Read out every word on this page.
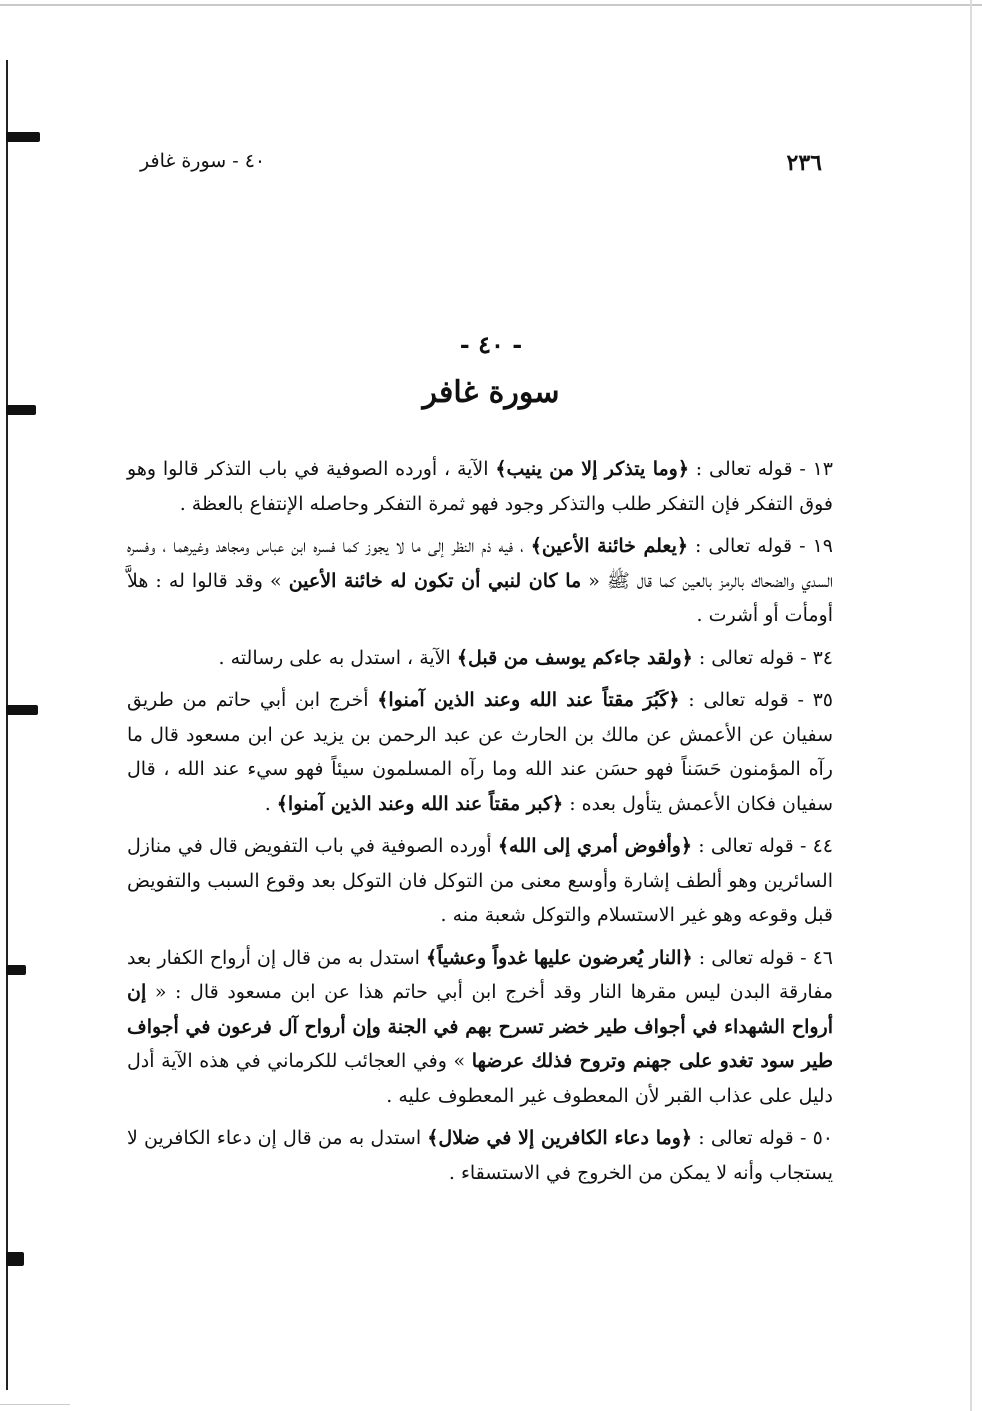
٢٣٦
٤٠ - سورة غافر
- ٤٠ -
سورة غافر

١٣ - قوله تعالى : ﴿وما يتذكر إلا من ينيب﴾ الآية ، أورده الصوفية في باب التذكر قالوا وهو فوق التفكر فإن التفكر طلب والتذكر وجود فهو ثمرة التفكر وحاصله الإنتفاع بالعظة .

١٩ - قوله تعالى : ﴿يعلم خائنة الأعين﴾ ، فيه ذم النظر إلى ما لا يجوز كما فسره ابن عباس ومجاهد وغيرهما ، وفسره السدي والضحاك بالرمز بالعين كما قال ﷺ « ما كان لنبي أن تكون له خائنة الأعين » وقد قالوا له : هلاَّ أومأت أو أشرت .

٣٤ - قوله تعالى : ﴿ولقد جاءكم يوسف من قبل﴾ الآية ، استدل به على رسالته .

٣٥ - قوله تعالى : ﴿كَبُرَ مقتاً عند الله وعند الذين آمنوا﴾ أخرج ابن أبي حاتم من طريق سفيان عن الأعمش عن مالك بن الحارث عن عبد الرحمن بن يزيد عن ابن مسعود قال ما رآه المؤمنون حَسَناً فهو حسَن عند الله وما رآه المسلمون سيئاً فهو سيء عند الله ، قال سفيان فكان الأعمش يتأول بعده : ﴿كبر مقتاً عند الله وعند الذين آمنوا﴾ .

٤٤ - قوله تعالى : ﴿وأفوض أمري إلى الله﴾ أورده الصوفية في باب التفويض قال في منازل السائرين وهو ألطف إشارة وأوسع معنى من التوكل فان التوكل بعد وقوع السبب والتفويض قبل وقوعه وهو غير الاستسلام والتوكل شعبة منه .

٤٦ - قوله تعالى : ﴿النار يُعرضون عليها غدواً وعشياً﴾ استدل به من قال إن أرواح الكفار بعد مفارقة البدن ليس مقرها النار وقد أخرج ابن أبي حاتم هذا عن ابن مسعود قال : « إن أرواح الشهداء في أجواف طير خضر تسرح بهم في الجنة وإن أرواح آل فرعون في أجواف طير سود تغدو على جهنم وتروح فذلك عرضها » وفي العجائب للكرماني في هذه الآية أدل دليل على عذاب القبر لأن المعطوف غير المعطوف عليه .

٥٠ - قوله تعالى : ﴿وما دعاء الكافرين إلا في ضلال﴾ استدل به من قال إن دعاء الكافرين لا يستجاب وأنه لا يمكن من الخروج في الاستسقاء .
